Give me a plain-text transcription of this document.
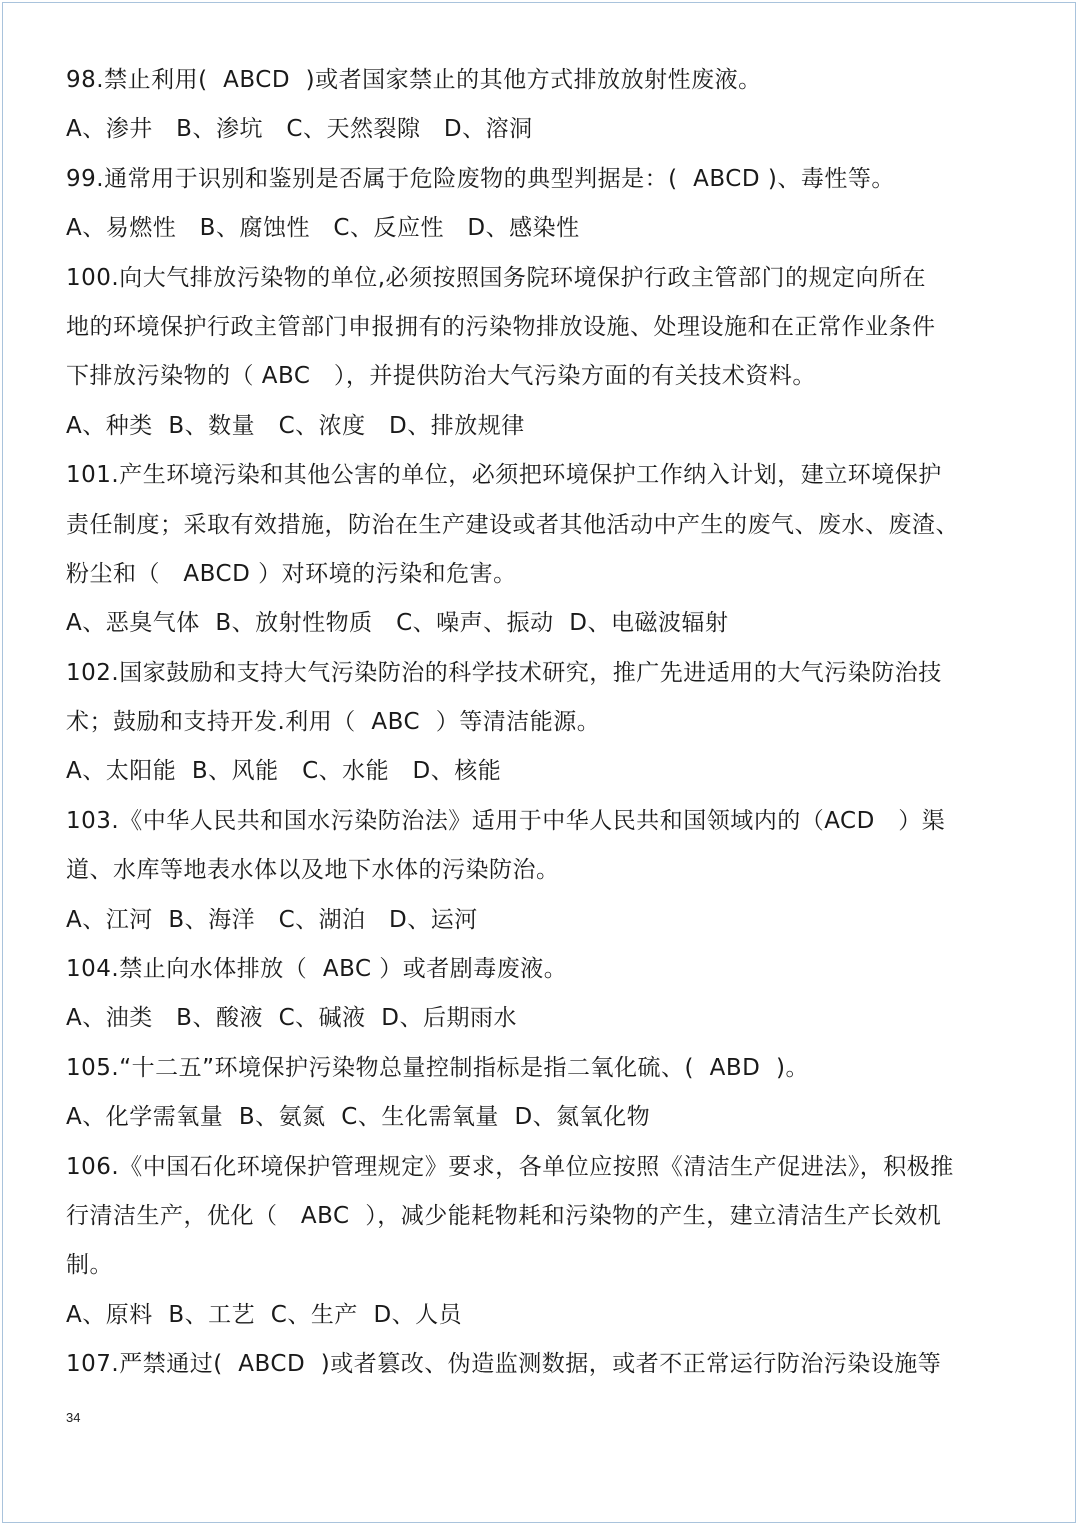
98.禁止利用(  ABCD  )或者国家禁止的其他方式排放放射性废液。
A、渗井   B、渗坑   C、天然裂隙   D、溶洞
99.通常用于识别和鉴别是否属于危险废物的典型判据是：(  ABCD )、毒性等。
A、易燃性   B、腐蚀性   C、反应性   D、感染性
100.向大气排放污染物的单位,必须按照国务院环境保护行政主管部门的规定向所在
地的环境保护行政主管部门申报拥有的污染物排放设施、处理设施和在正常作业条件
下排放污染物的（ ABC   ），并提供防治大气污染方面的有关技术资料。
A、种类  B、数量   C、浓度   D、排放规律
101.产生环境污染和其他公害的单位，必须把环境保护工作纳入计划，建立环境保护
责任制度；采取有效措施，防治在生产建设或者其他活动中产生的废气、废水、废渣、
粉尘和（   ABCD ）对环境的污染和危害。
A、恶臭气体  B、放射性物质   C、噪声、振动  D、电磁波辐射
102.国家鼓励和支持大气污染防治的科学技术研究，推广先进适用的大气污染防治技
术；鼓励和支持开发.利用（  ABC  ）等清洁能源。
A、太阳能  B、风能   C、水能   D、核能
103.《中华人民共和国水污染防治法》适用于中华人民共和国领域内的（ACD   ）渠
道、水库等地表水体以及地下水体的污染防治。
A、江河  B、海洋   C、湖泊   D、运河
104.禁止向水体排放（  ABC ）或者剧毒废液。
A、油类   B、酸液  C、碱液  D、后期雨水
105.“十二五”环境保护污染物总量控制指标是指二氧化硫、(  ABD  )。
A、化学需氧量  B、氨氮  C、生化需氧量  D、氮氧化物
106.《中国石化环境保护管理规定》要求，各单位应按照《清洁生产促进法》，积极推
行清洁生产，优化（   ABC  ），减少能耗物耗和污染物的产生，建立清洁生产长效机
制。
A、原料  B、工艺  C、生产  D、人员
107.严禁通过(  ABCD  )或者篡改、伪造监测数据，或者不正常运行防治污染设施等
34
